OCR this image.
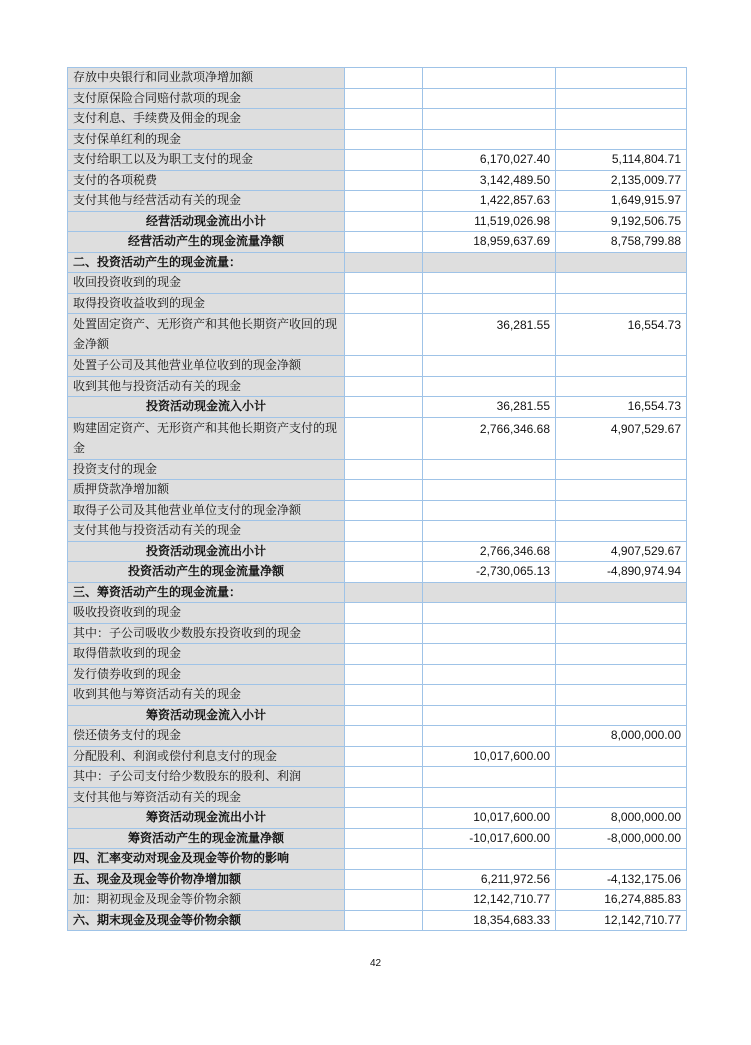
存放中央银行和同业款项净增加额			
支付原保险合同赔付款项的现金			
支付利息、手续费及佣金的现金			
支付保单红利的现金			
支付给职工以及为职工支付的现金		6,170,027.40	5,114,804.71
支付的各项税费		3,142,489.50	2,135,009.77
支付其他与经营活动有关的现金		1,422,857.63	1,649,915.97
经营活动现金流出小计		11,519,026.98	9,192,506.75
经营活动产生的现金流量净额		18,959,637.69	8,758,799.88
二、投资活动产生的现金流量：			
收回投资收到的现金			
取得投资收益收到的现金			
处置固定资产、无形资产和其他长期资产收回的现金净额		36,281.55	16,554.73
处置子公司及其他营业单位收到的现金净额			
收到其他与投资活动有关的现金			
投资活动现金流入小计		36,281.55	16,554.73
购建固定资产、无形资产和其他长期资产支付的现金		2,766,346.68	4,907,529.67
投资支付的现金			
质押贷款净增加额			
取得子公司及其他营业单位支付的现金净额			
支付其他与投资活动有关的现金			
投资活动现金流出小计		2,766,346.68	4,907,529.67
投资活动产生的现金流量净额		-2,730,065.13	-4,890,974.94
三、筹资活动产生的现金流量：			
吸收投资收到的现金			
其中：子公司吸收少数股东投资收到的现金			
取得借款收到的现金			
发行债券收到的现金			
收到其他与筹资活动有关的现金			
筹资活动现金流入小计			
偿还债务支付的现金			8,000,000.00
分配股利、利润或偿付利息支付的现金		10,017,600.00	
其中：子公司支付给少数股东的股利、利润			
支付其他与筹资活动有关的现金			
筹资活动现金流出小计		10,017,600.00	8,000,000.00
筹资活动产生的现金流量净额		-10,017,600.00	-8,000,000.00
四、汇率变动对现金及现金等价物的影响			
五、现金及现金等价物净增加额		6,211,972.56	-4,132,175.06
加：期初现金及现金等价物余额		12,142,710.77	16,274,885.83
六、期末现金及现金等价物余额		18,354,683.33	12,142,710.77
42
